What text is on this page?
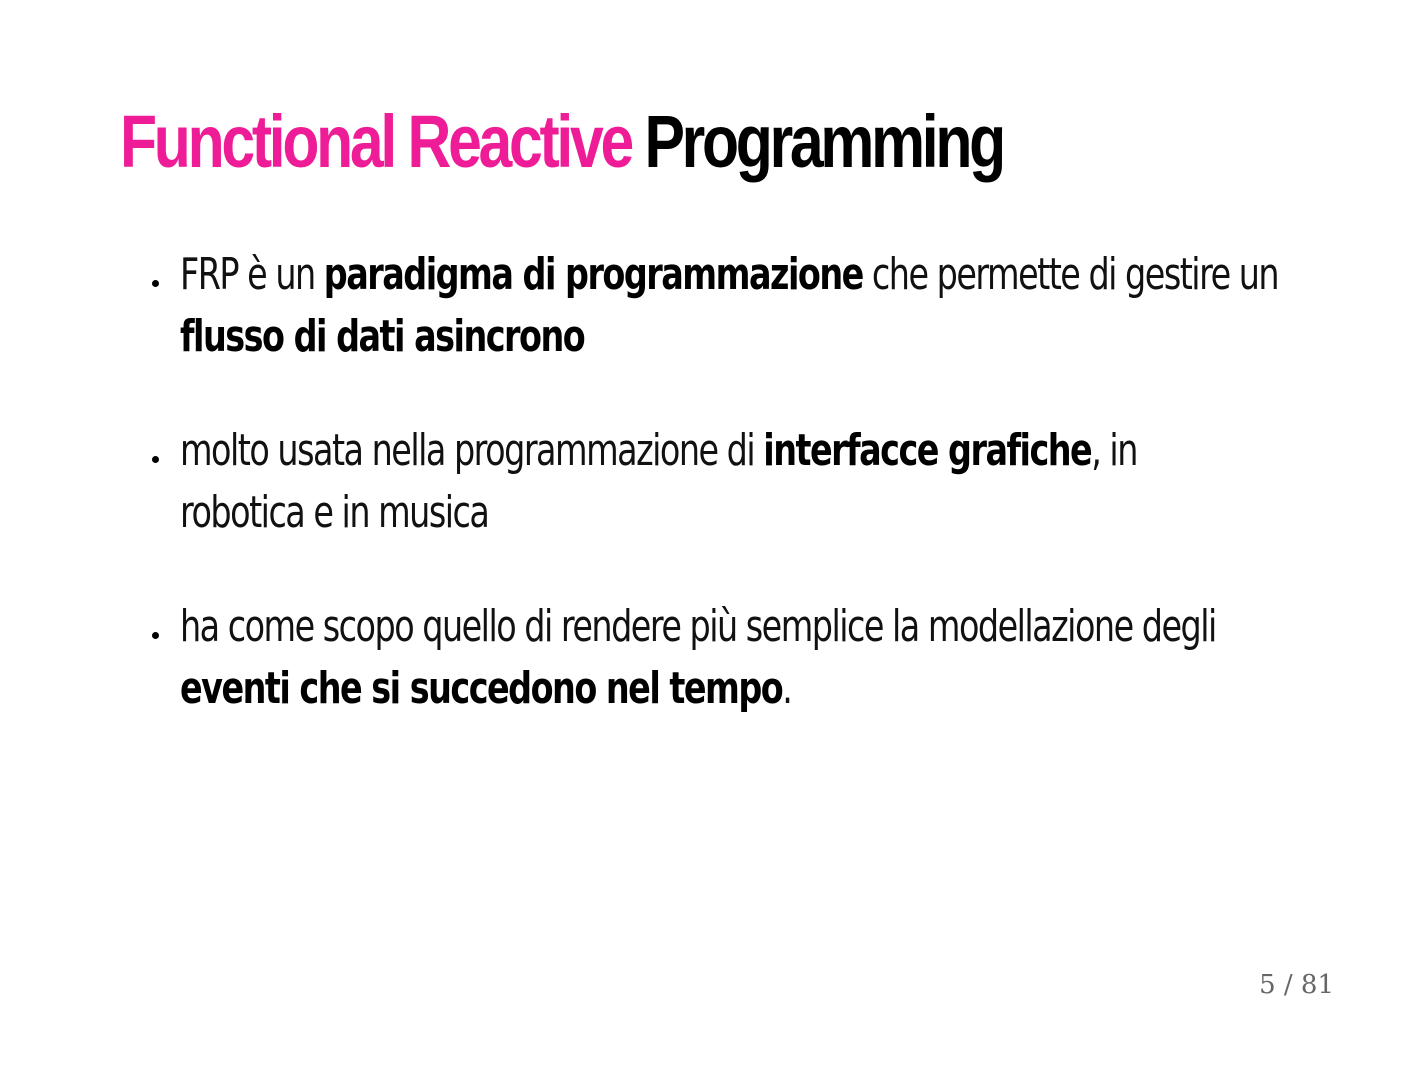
Functional Reactive Programming
FRP è un paradigma di programmazione che permette di gestire un
flusso di dati asincrono
molto usata nella programmazione di interfacce grafiche, in
robotica e in musica
ha come scopo quello di rendere più semplice la modellazione degli
eventi che si succedono nel tempo.
5 / 81
